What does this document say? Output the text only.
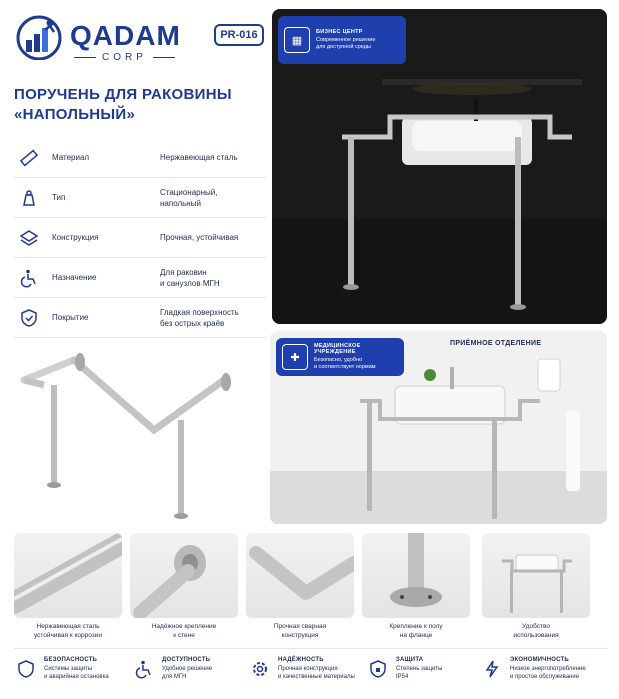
QADAM
CORP
PR-016
ПОРУЧЕНЬ ДЛЯ РАКОВИНЫ «НАПОЛЬНЫЙ»
Материал	Нержавеющая сталь
Тип
Стационарный,
напольный
Конструкция	Прочная, устойчивая
Назначение
Для раковин
и санузлов МГН
Покрытие
Гладкая поверхность
без острых краёв
▦
БИЗНЕС ЦЕНТР
Современное решение
для доступной среды
✚
МЕДИЦИНСКОЕ УЧРЕЖДЕНИЕ
Безопасно, удобно
и соответствует нормам
ПРИЁМНОЕ ОТДЕЛЕНИЕ
Нержавеющая сталь
устойчивая к коррозии
Надёжное крепление
к стене
Прочная сварная
конструкция
Крепление к полу
на фланце
Удобство
использования
БЕЗОПАСНОСТЬ
Системы защиты
и аварийная остановка
ДОСТУПНОСТЬ
Удобное решение
для МГН
НАДЁЖНОСТЬ
Прочная конструкция
и качественные материалы
ЗАЩИТА
Степень защиты
IP54
ЭКОНОМИЧНОСТЬ
Низкое энергопотребление
и простое обслуживание
